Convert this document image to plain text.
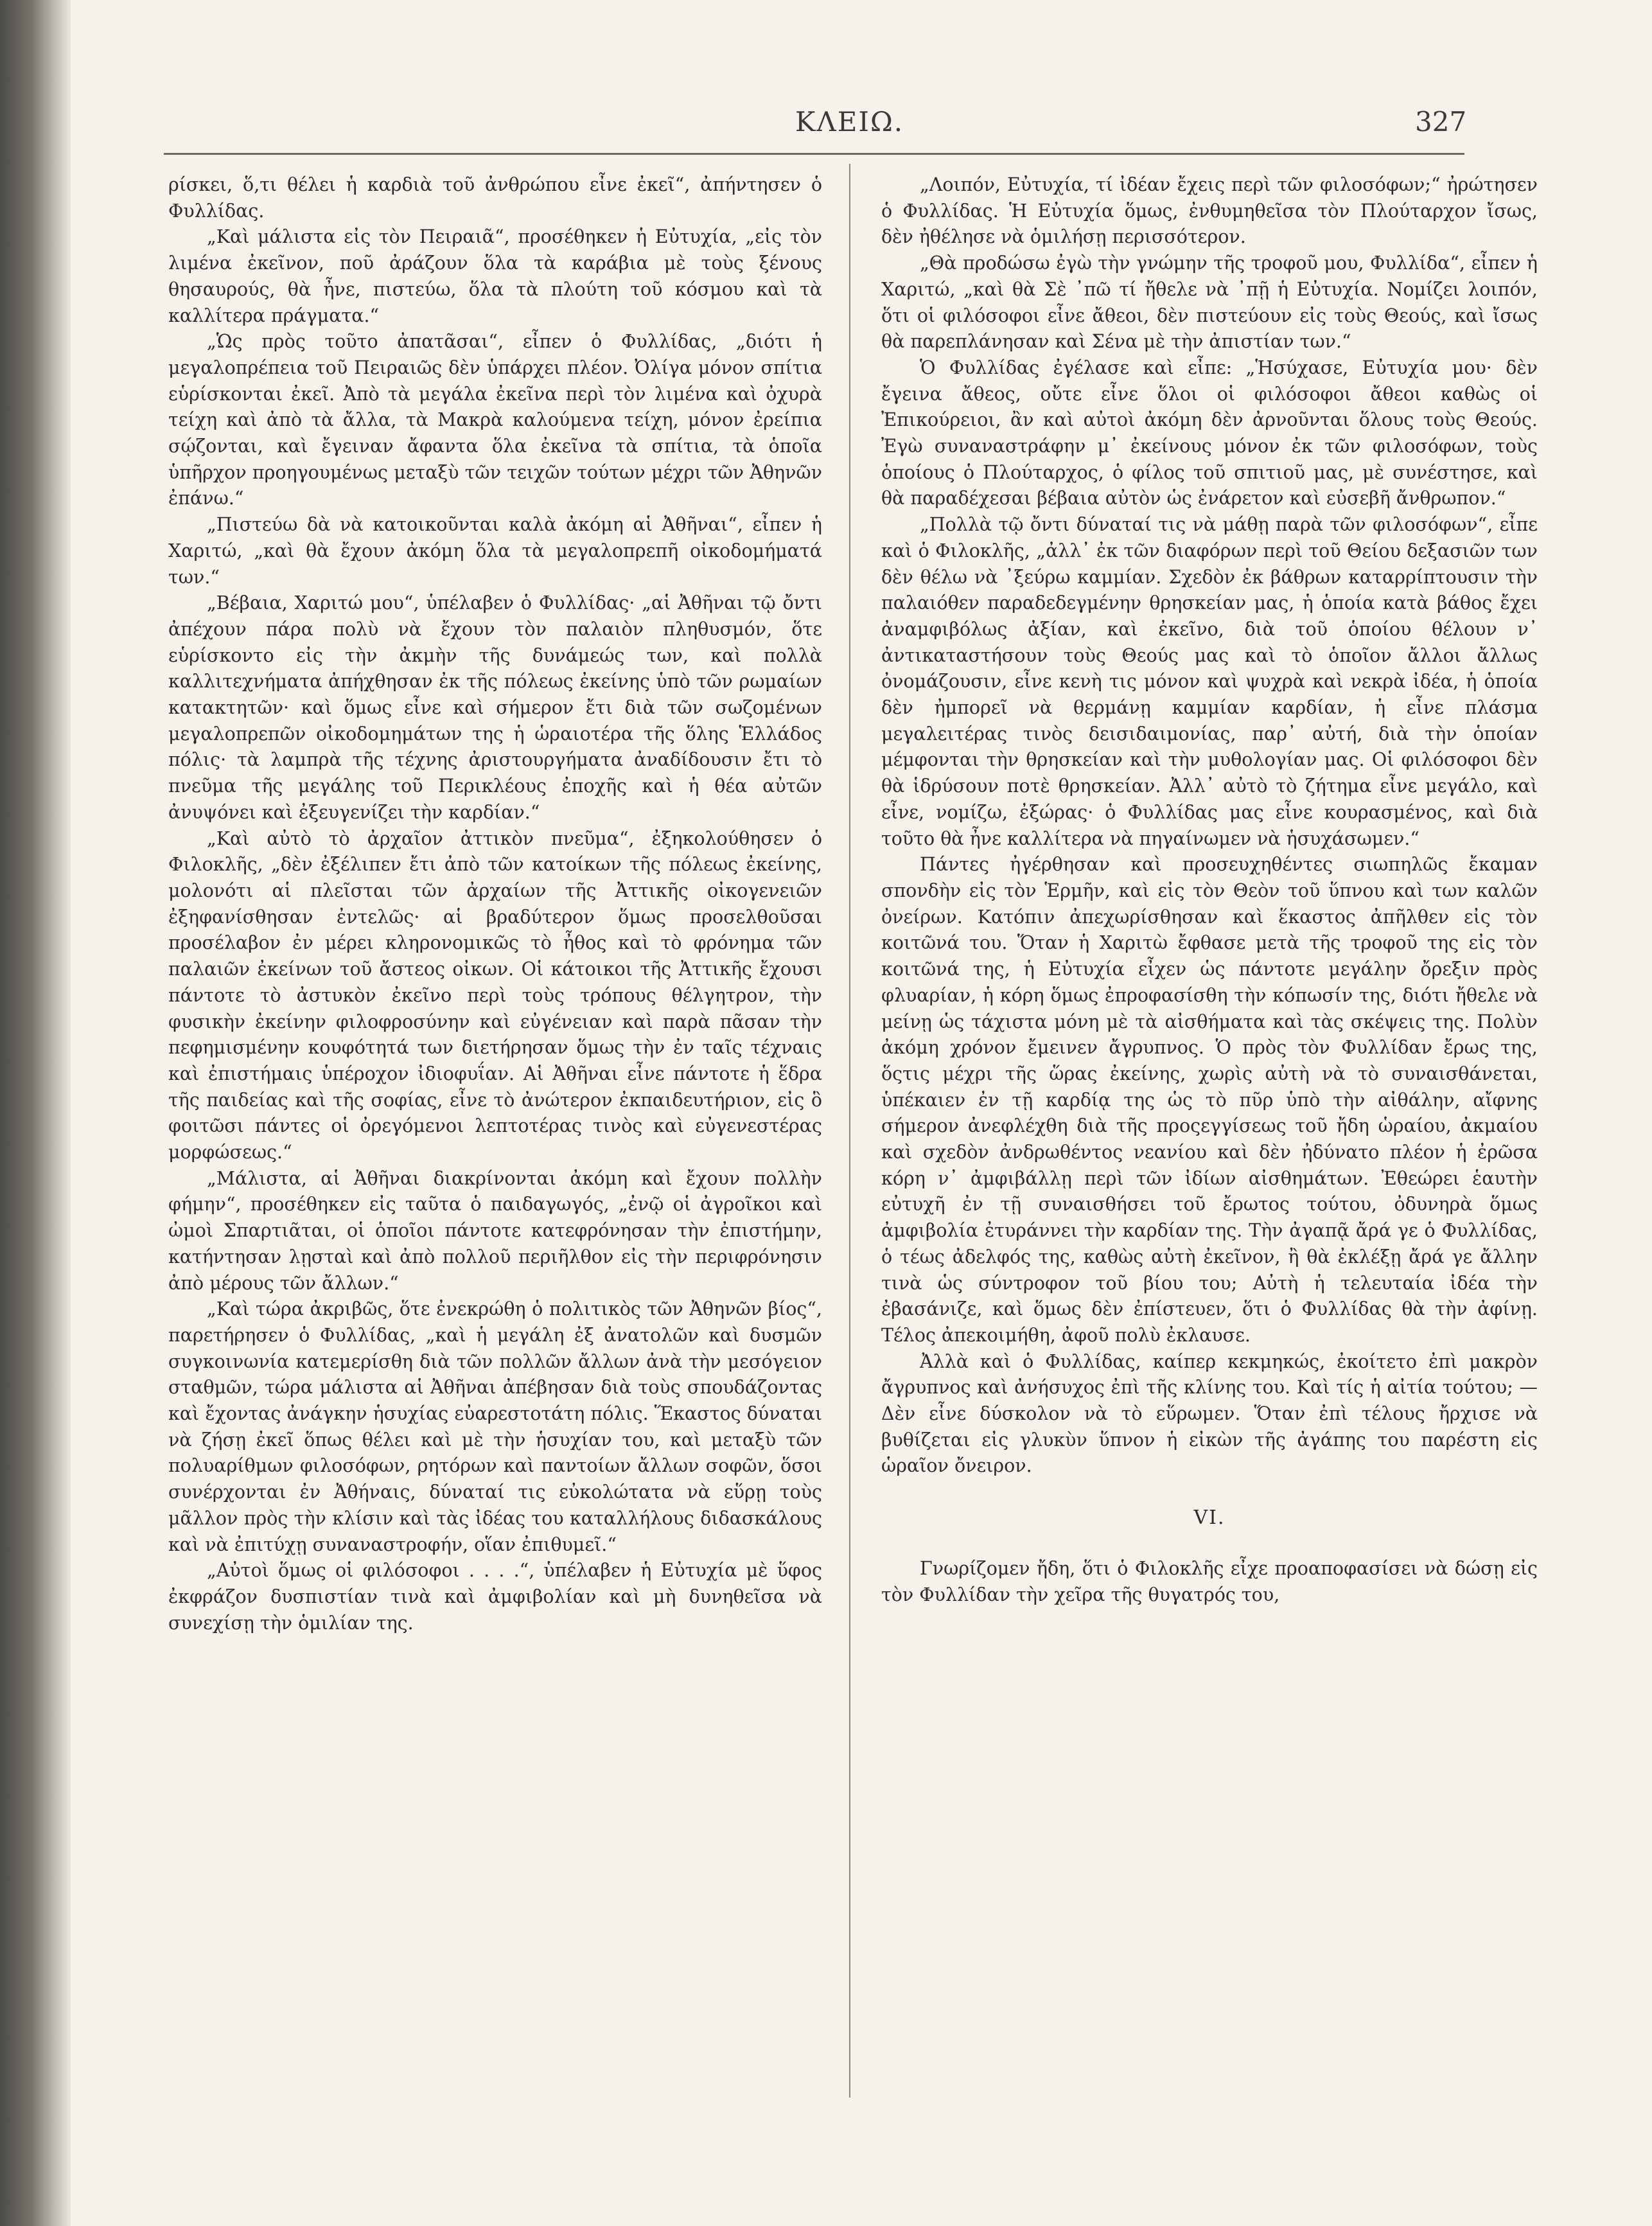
ΚΛΕΙΩ.	327

ρίσκει, ὅ,τι θέλει ἡ καρδιὰ τοῦ ἀνθρώπου εἶνε ἐκεῖ“, ἀπήντησεν ὁ Φυλλίδας.

„Καὶ μάλιστα εἰς τὸν Πειραιᾶ“, προσέθηκεν ἡ Εὐτυχία, „εἰς τὸν λιμένα ἐκεῖνον, ποῦ ἀράζουν ὅλα τὰ καράβια μὲ τοὺς ξένους θησαυρούς, θὰ ἦνε, πιστεύω, ὅλα τὰ πλούτη τοῦ κόσμου καὶ τὰ καλλίτερα πράγματα.“

„Ὡς πρὸς τοῦτο ἀπατᾶσαι“, εἶπεν ὁ Φυλλίδας, „διότι ἡ μεγαλοπρέπεια τοῦ Πειραιῶς δὲν ὑπάρχει πλέον. Ὀλίγα μόνον σπίτια εὑρίσκονται ἐκεῖ. Ἀπὸ τὰ μεγάλα ἐκεῖνα περὶ τὸν λιμένα καὶ ὀχυρὰ τείχη καὶ ἀπὸ τὰ ἄλλα, τὰ Μακρὰ καλούμενα τείχη, μόνον ἐρείπια σῴζονται, καὶ ἔγειναν ἄφαντα ὅλα ἐκεῖνα τὰ σπίτια, τὰ ὁποῖα ὑπῆρχον προηγουμένως μεταξὺ τῶν τειχῶν τούτων μέχρι τῶν Ἀθηνῶν ἐπάνω.“

„Πιστεύω δὰ νὰ κατοικοῦνται καλὰ ἀκόμη αἱ Ἀθῆναι“, εἶπεν ἡ Χαριτώ, „καὶ θὰ ἔχουν ἀκόμη ὅλα τὰ μεγαλοπρεπῆ οἰκοδομήματά των.“

„Βέβαια, Χαριτώ μου“, ὑπέλαβεν ὁ Φυλλίδας· „αἱ Ἀθῆναι τῷ ὄντι ἀπέχουν πάρα πολὺ νὰ ἔχουν τὸν παλαιὸν πληθυσμόν, ὅτε εὑρίσκοντο εἰς τὴν ἀκμὴν τῆς δυνάμεώς των, καὶ πολλὰ καλλιτεχνήματα ἀπήχθησαν ἐκ τῆς πόλεως ἐκείνης ὑπὸ τῶν ρωμαίων κατακτητῶν· καὶ ὅμως εἶνε καὶ σήμερον ἔτι διὰ τῶν σωζομένων μεγαλοπρεπῶν οἰκοδομημάτων της ἡ ὡραιοτέρα τῆς ὅλης Ἑλλάδος πόλις· τὰ λαμπρὰ τῆς τέχνης ἀριστουργήματα ἀναδίδουσιν ἔτι τὸ πνεῦμα τῆς μεγάλης τοῦ Περικλέους ἐποχῆς καὶ ἡ θέα αὐτῶν ἀνυψόνει καὶ ἐξευγενίζει τὴν καρδίαν.“

„Καὶ αὐτὸ τὸ ἀρχαῖον ἀττικὸν πνεῦμα“, ἐξηκολούθησεν ὁ Φιλοκλῆς, „δὲν ἐξέλιπεν ἔτι ἀπὸ τῶν κατοίκων τῆς πόλεως ἐκείνης, μολονότι αἱ πλεῖσται τῶν ἀρχαίων τῆς Ἀττικῆς οἰκογενειῶν ἐξηφανίσθησαν ἐντελῶς· αἱ βραδύτερον ὅμως προσελθοῦσαι προσέλαβον ἐν μέρει κληρονομικῶς τὸ ἦθος καὶ τὸ φρόνημα τῶν παλαιῶν ἐκείνων τοῦ ἄστεος οἰκων. Οἱ κάτοικοι τῆς Ἀττικῆς ἔχουσι πάντοτε τὸ ἀστυκὸν ἐκεῖνο περὶ τοὺς τρόπους θέλγητρον, τὴν φυσικὴν ἐκείνην φιλοφροσύνην καὶ εὐγένειαν καὶ παρὰ πᾶσαν τὴν πεφημισμένην κουφότητά των διετήρησαν ὅμως τὴν ἐν ταῖς τέχναις καὶ ἐπιστήμαις ὑπέροχον ἰδιοφυΐαν. Αἱ Ἀθῆναι εἶνε πάντοτε ἡ ἕδρα τῆς παιδείας καὶ τῆς σοφίας, εἶνε τὸ ἀνώτερον ἐκπαιδευτήριον, εἰς ὃ φοιτῶσι πάντες οἱ ὀρεγόμενοι λεπτοτέρας τινὸς καὶ εὐγενεστέρας μορφώσεως.“

„Μάλιστα, αἱ Ἀθῆναι διακρίνονται ἀκόμη καὶ ἔχουν πολλὴν φήμην“, προσέθηκεν εἰς ταῦτα ὁ παιδαγωγός, „ἐνῷ οἱ ἀγροῖκοι καὶ ὠμοὶ Σπαρτιᾶται, οἱ ὁποῖοι πάντοτε κατεφρόνησαν τὴν ἐπιστήμην, κατήντησαν λῃσταὶ καὶ ἀπὸ πολλοῦ περιῆλθον εἰς τὴν περιφρόνησιν ἀπὸ μέρους τῶν ἄλλων.“

„Καὶ τώρα ἀκριβῶς, ὅτε ἐνεκρώθη ὁ πολιτικὸς τῶν Ἀθηνῶν βίος“, παρετήρησεν ὁ Φυλλίδας, „καὶ ἡ μεγάλη ἐξ ἀνατολῶν καὶ δυσμῶν συγκοινωνία κατεμερίσθη διὰ τῶν πολλῶν ἄλλων ἀνὰ τὴν μεσόγειον σταθμῶν, τώρα μάλιστα αἱ Ἀθῆναι ἀπέβησαν διὰ τοὺς σπουδάζοντας καὶ ἔχοντας ἀνάγκην ἡσυχίας εὐαρεστοτάτη πόλις. Ἕκαστος δύναται νὰ ζήσῃ ἐκεῖ ὅπως θέλει καὶ μὲ τὴν ἡσυχίαν του, καὶ μεταξὺ τῶν πολυαρίθμων φιλοσόφων, ρητόρων καὶ παντοίων ἄλλων σοφῶν, ὅσοι συνέρχονται ἐν Ἀθήναις, δύναταί τις εὐκολώτατα νὰ εὕρῃ τοὺς μᾶλλον πρὸς τὴν κλίσιν καὶ τὰς ἰδέας του καταλλήλους διδασκάλους καὶ νὰ ἐπιτύχῃ συναναστροφήν, οἵαν ἐπιθυμεῖ.“

„Αὐτοὶ ὅμως οἱ φιλόσοφοι . . . .“, ὑπέλαβεν ἡ Εὐτυχία μὲ ὕφος ἐκφράζον δυσπιστίαν τινὰ καὶ ἀμφιβολίαν καὶ μὴ δυνηθεῖσα νὰ συνεχίσῃ τὴν ὁμιλίαν της.

„Λοιπόν, Εὐτυχία, τί ἰδέαν ἔχεις περὶ τῶν φιλοσόφων;“ ἠρώτησεν ὁ Φυλλίδας. Ἡ Εὐτυχία ὅμως, ἐνθυμηθεῖσα τὸν Πλούταρχον ἴσως, δὲν ἠθέλησε νὰ ὁμιλήσῃ περισσότερον.

„Θὰ προδώσω ἐγὼ τὴν γνώμην τῆς τροφοῦ μου, Φυλλίδα“, εἶπεν ἡ Χαριτώ, „καὶ θὰ Σὲ ᾽πῶ τί ἤθελε νὰ ᾽πῇ ἡ Εὐτυχία. Νομίζει λοιπόν, ὅτι οἱ φιλόσοφοι εἶνε ἄθεοι, δὲν πιστεύουν εἰς τοὺς Θεούς, καὶ ἴσως θὰ παρεπλάνησαν καὶ Σένα μὲ τὴν ἀπιστίαν των.“

Ὁ Φυλλίδας ἐγέλασε καὶ εἶπε: „Ἡσύχασε, Εὐτυχία μου· δὲν ἔγεινα ἄθεος, οὔτε εἶνε ὅλοι οἱ φιλόσοφοι ἄθεοι καθὼς οἱ Ἐπικούρειοι, ἂν καὶ αὐτοὶ ἀκόμη δὲν ἀρνοῦνται ὅλους τοὺς Θεούς. Ἐγὼ συναναστράφην μ᾽ ἐκείνους μόνον ἐκ τῶν φιλοσόφων, τοὺς ὁποίους ὁ Πλούταρχος, ὁ φίλος τοῦ σπιτιοῦ μας, μὲ συνέστησε, καὶ θὰ παραδέχεσαι βέβαια αὐτὸν ὡς ἐνάρετον καὶ εὐσεβῆ ἄνθρωπον.“

„Πολλὰ τῷ ὄντι δύναταί τις νὰ μάθῃ παρὰ τῶν φιλοσόφων“, εἶπε καὶ ὁ Φιλοκλῆς, „ἀλλ᾽ ἐκ τῶν διαφόρων περὶ τοῦ Θείου δεξασιῶν των δὲν θέλω νὰ ᾽ξεύρω καμμίαν. Σχεδὸν ἐκ βάθρων καταρρίπτουσιν τὴν παλαιόθεν παραδεδεγμένην θρησκείαν μας, ἡ ὁποία κατὰ βάθος ἔχει ἀναμφιβόλως ἀξίαν, καὶ ἐκεῖνο, διὰ τοῦ ὁποίου θέλουν ν᾽ ἀντικαταστήσουν τοὺς Θεούς μας καὶ τὸ ὁποῖον ἄλλοι ἄλλως ὀνομάζουσιν, εἶνε κενὴ τις μόνον καὶ ψυχρὰ καὶ νεκρὰ ἰδέα, ἡ ὁποία δὲν ἠμπορεῖ νὰ θερμάνῃ καμμίαν καρδίαν, ἡ εἶνε πλάσμα μεγαλειτέρας τινὸς δεισιδαιμονίας, παρ᾽ αὐτή, διὰ τὴν ὁποίαν μέμφονται τὴν θρησκείαν καὶ τὴν μυθολογίαν μας. Οἱ φιλόσοφοι δὲν θὰ ἱδρύσουν ποτὲ θρησκείαν. Ἀλλ᾽ αὐτὸ τὸ ζήτημα εἶνε μεγάλο, καὶ εἶνε, νομίζω, ἐξώρας· ὁ Φυλλίδας μας εἶνε κουρασμένος, καὶ διὰ τοῦτο θὰ ἦνε καλλίτερα νὰ πηγαίνωμεν νὰ ἡσυχάσωμεν.“

Πάντες ἠγέρθησαν καὶ προσευχηθέντες σιωπηλῶς ἔκαμαν σπονδὴν εἰς τὸν Ἑρμῆν, καὶ εἰς τὸν Θεὸν τοῦ ὕπνου καὶ των καλῶν ὀνείρων. Κατόπιν ἀπεχωρίσθησαν καὶ ἕκαστος ἀπῆλθεν εἰς τὸν κοιτῶνά του. Ὅταν ἡ Χαριτὼ ἔφθασε μετὰ τῆς τροφοῦ της εἰς τὸν κοιτῶνά της, ἡ Εὐτυχία εἶχεν ὡς πάντοτε μεγάλην ὄρεξιν πρὸς φλυαρίαν, ἡ κόρη ὅμως ἐπροφασίσθη τὴν κόπωσίν της, διότι ἤθελε νὰ μείνῃ ὡς τάχιστα μόνη μὲ τὰ αἰσθήματα καὶ τὰς σκέψεις της. Πολὺν ἀκόμη χρόνον ἔμεινεν ἄγρυπνος. Ὁ πρὸς τὸν Φυλλίδαν ἔρως της, ὅςτις μέχρι τῆς ὥρας ἐκείνης, χωρὶς αὐτὴ νὰ τὸ συναισθάνεται, ὑπέκαιεν ἐν τῇ καρδίᾳ της ὡς τὸ πῦρ ὑπὸ τὴν αἰθάλην, αἴφνης σήμερον ἀνεφλέχθη διὰ τῆς προςεγγίσεως τοῦ ἤδη ὡραίου, ἀκμαίου καὶ σχεδὸν ἀνδρωθέντος νεανίου καὶ δὲν ἠδύνατο πλέον ἡ ἐρῶσα κόρη ν᾽ ἀμφιβάλλῃ περὶ τῶν ἰδίων αἰσθημάτων. Ἐθεώρει ἑαυτὴν εὐτυχῆ ἐν τῇ συναισθήσει τοῦ ἔρωτος τούτου, ὀδυνηρὰ ὅμως ἀμφιβολία ἐτυράννει τὴν καρδίαν της. Τὴν ἀγαπᾷ ἄρά γε ὁ Φυλλίδας, ὁ τέως ἀδελφός της, καθὼς αὐτὴ ἐκεῖνον, ἢ θὰ ἐκλέξῃ ἄρά γε ἄλλην τινὰ ὡς σύντροφον τοῦ βίου του; Αὐτὴ ἡ τελευταία ἰδέα τὴν ἐβασάνιζε, καὶ ὅμως δὲν ἐπίστευεν, ὅτι ὁ Φυλλίδας θὰ τὴν ἀφίνῃ. Τέλος ἀπεκοιμήθη, ἀφοῦ πολὺ ἐκλαυσε.

Ἀλλὰ καὶ ὁ Φυλλίδας, καίπερ κεκμηκώς, ἐκοίτετο ἐπὶ μακρὸν ἄγρυπνος καὶ ἀνήσυχος ἐπὶ τῆς κλίνης του. Καὶ τίς ἡ αἰτία τούτου; — Δὲν εἶνε δύσκολον νὰ τὸ εὕρωμεν. Ὅταν ἐπὶ τέλους ἤρχισε νὰ βυθίζεται εἰς γλυκὺν ὕπνον ἡ εἰκὼν τῆς ἀγάπης του παρέστη εἰς ὡραῖον ὄνειρον.

VI.

Γνωρίζομεν ἤδη, ὅτι ὁ Φιλοκλῆς εἶχε προαποφασίσει νὰ δώσῃ εἰς τὸν Φυλλίδαν τὴν χεῖρα τῆς θυγατρός του,
